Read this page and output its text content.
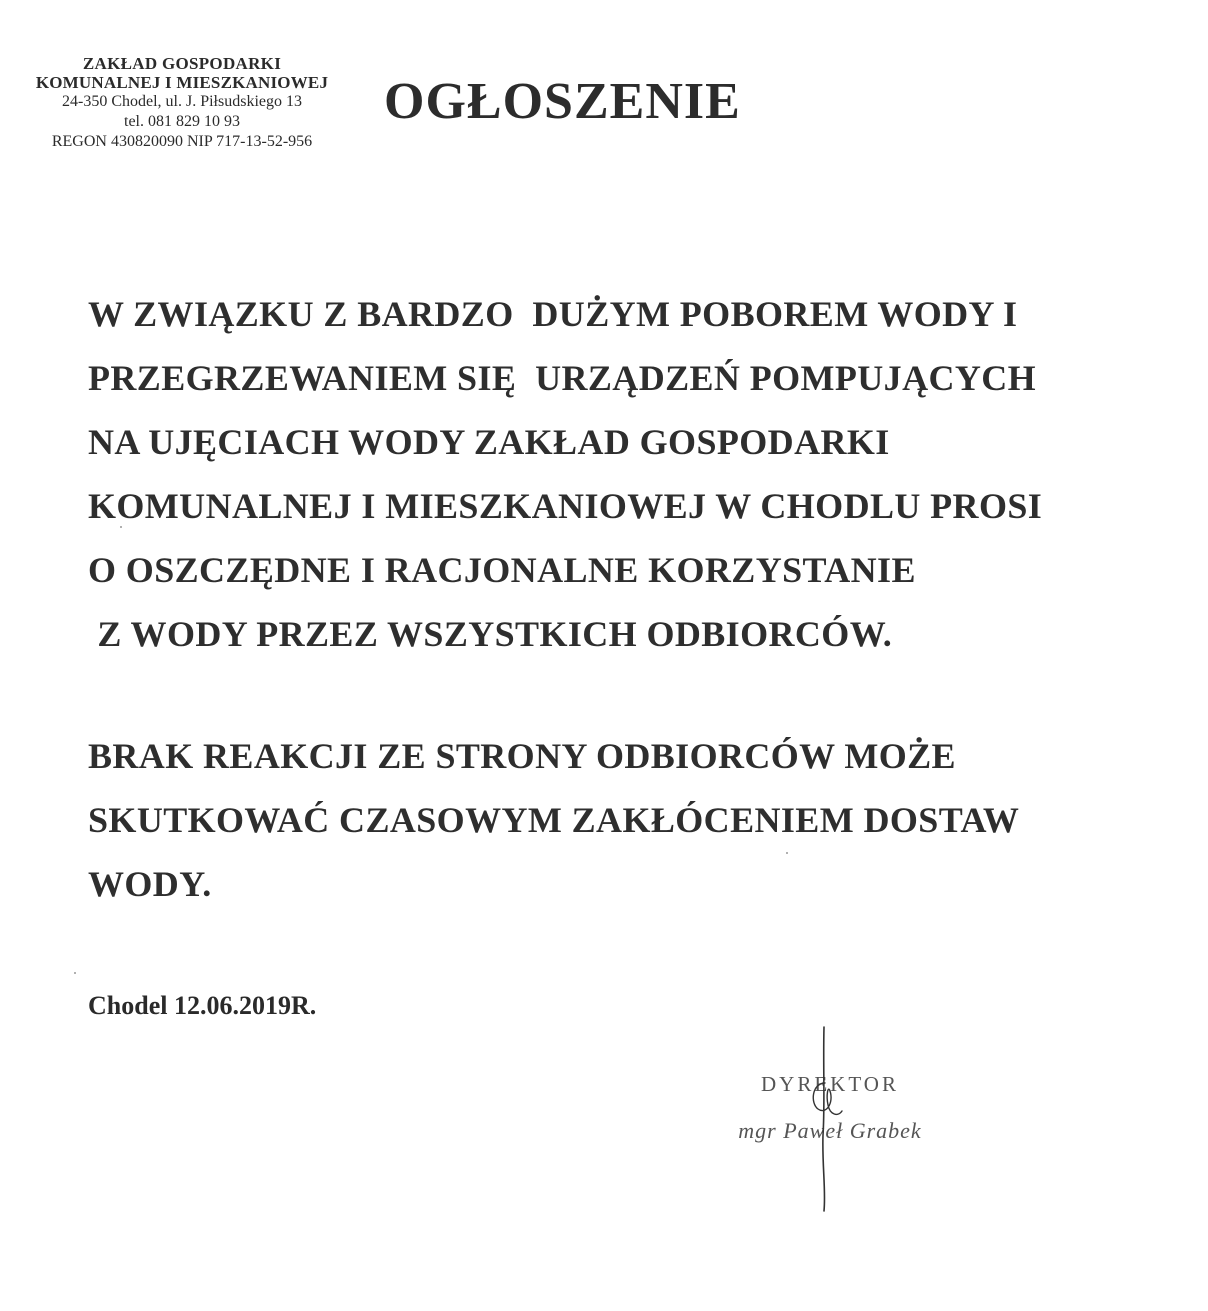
ZAKŁAD GOSPODARKI
KOMUNALNEJ I MIESZKANIOWEJ
24-350 Chodel, ul. J. Piłsudskiego 13
tel. 081 829 10 93
REGON 430820090 NIP 717-13-52-956
OGŁOSZENIE
W ZWIĄZKU Z BARDZO  DUŻYM POBOREM WODY I
PRZEGRZEWANIEM SIĘ  URZĄDZEŃ POMPUJĄCYCH
NA UJĘCIACH WODY ZAKŁAD GOSPODARKI
KOMUNALNEJ I MIESZKANIOWEJ W CHODLU PROSI
O OSZCZĘDNE I RACJONALNE KORZYSTANIE
Z WODY PRZEZ WSZYSTKICH ODBIORCÓW.
BRAK REAKCJI ZE STRONY ODBIORCÓW MOŻE
SKUTKOWAĆ CZASOWYM ZAKŁÓCENIEM DOSTAW
WODY.
Chodel 12.06.2019R.
DYREKTOR
mgr Paweł Grabek
